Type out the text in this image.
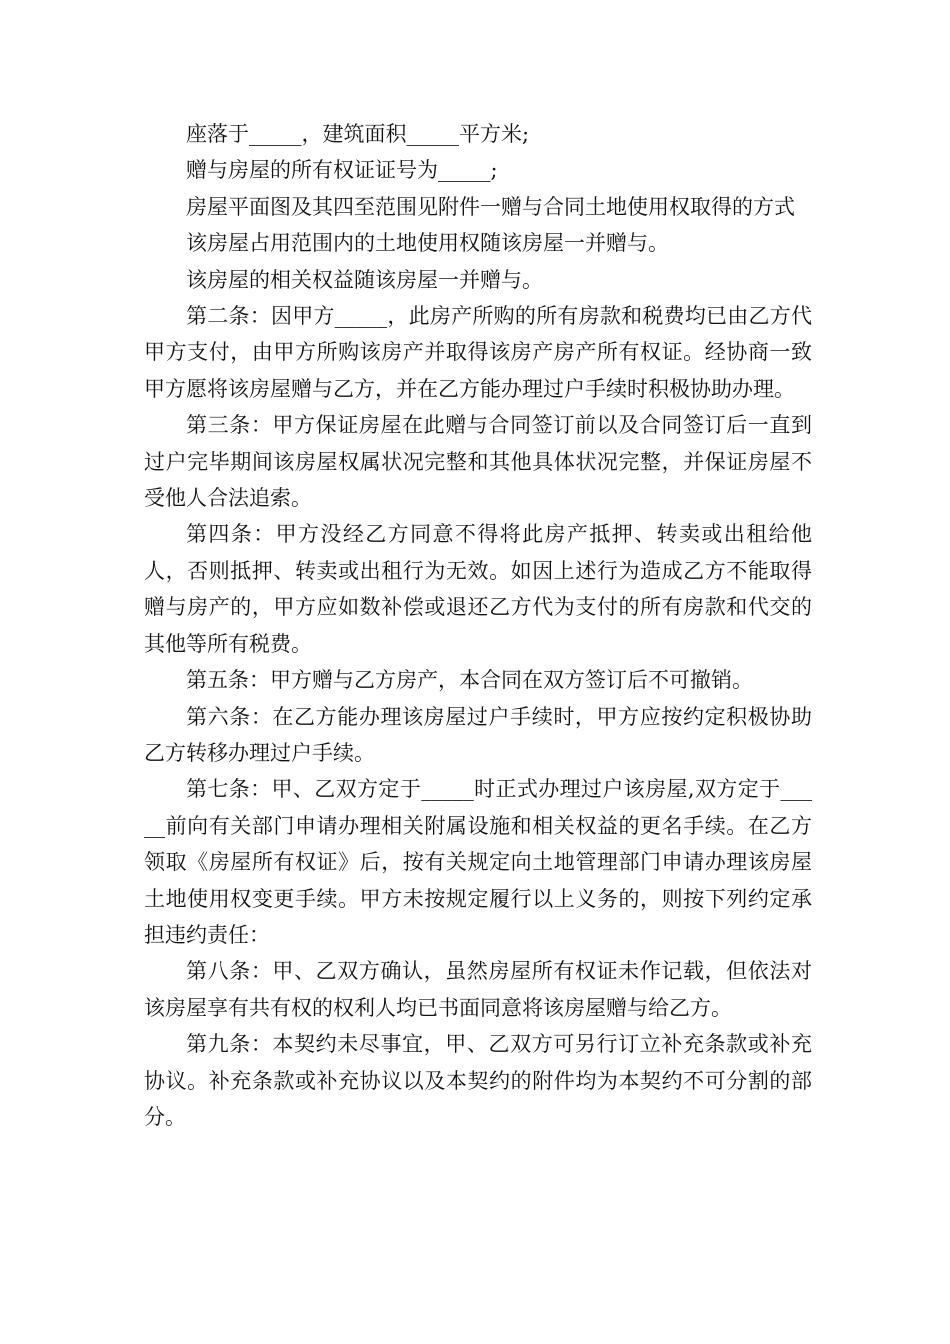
座落于_____，建筑面积_____平方米;

赠与房屋的所有权证证号为_____;

房屋平面图及其四至范围见附件一赠与合同土地使用权取得的方式

该房屋占用范围内的土地使用权随该房屋一并赠与。

该房屋的相关权益随该房屋一并赠与。

第二条：因甲方_____，此房产所购的所有房款和税费均已由乙方代甲方支付，由甲方所购该房产并取得该房产房产所有权证。经协商一致甲方愿将该房屋赠与乙方，并在乙方能办理过户手续时积极协助办理。

第三条：甲方保证房屋在此赠与合同签订前以及合同签订后一直到过户完毕期间该房屋权属状况完整和其他具体状况完整，并保证房屋不受他人合法追索。

第四条：甲方没经乙方同意不得将此房产抵押、转卖或出租给他人，否则抵押、转卖或出租行为无效。如因上述行为造成乙方不能取得赠与房产的，甲方应如数补偿或退还乙方代为支付的所有房款和代交的其他等所有税费。

第五条：甲方赠与乙方房产，本合同在双方签订后不可撤销。

第六条：在乙方能办理该房屋过户手续时，甲方应按约定积极协助乙方转移办理过户手续。

第七条：甲、乙双方定于_____时正式办理过户该房屋,双方定于_____前向有关部门申请办理相关附属设施和相关权益的更名手续。在乙方领取《房屋所有权证》后，按有关规定向土地管理部门申请办理该房屋土地使用权变更手续。甲方未按规定履行以上义务的，则按下列约定承担违约责任：

第八条：甲、乙双方确认，虽然房屋所有权证未作记载，但依法对该房屋享有共有权的权利人均已书面同意将该房屋赠与给乙方。

第九条：本契约未尽事宜，甲、乙双方可另行订立补充条款或补充协议。补充条款或补充协议以及本契约的附件均为本契约不可分割的部分。
